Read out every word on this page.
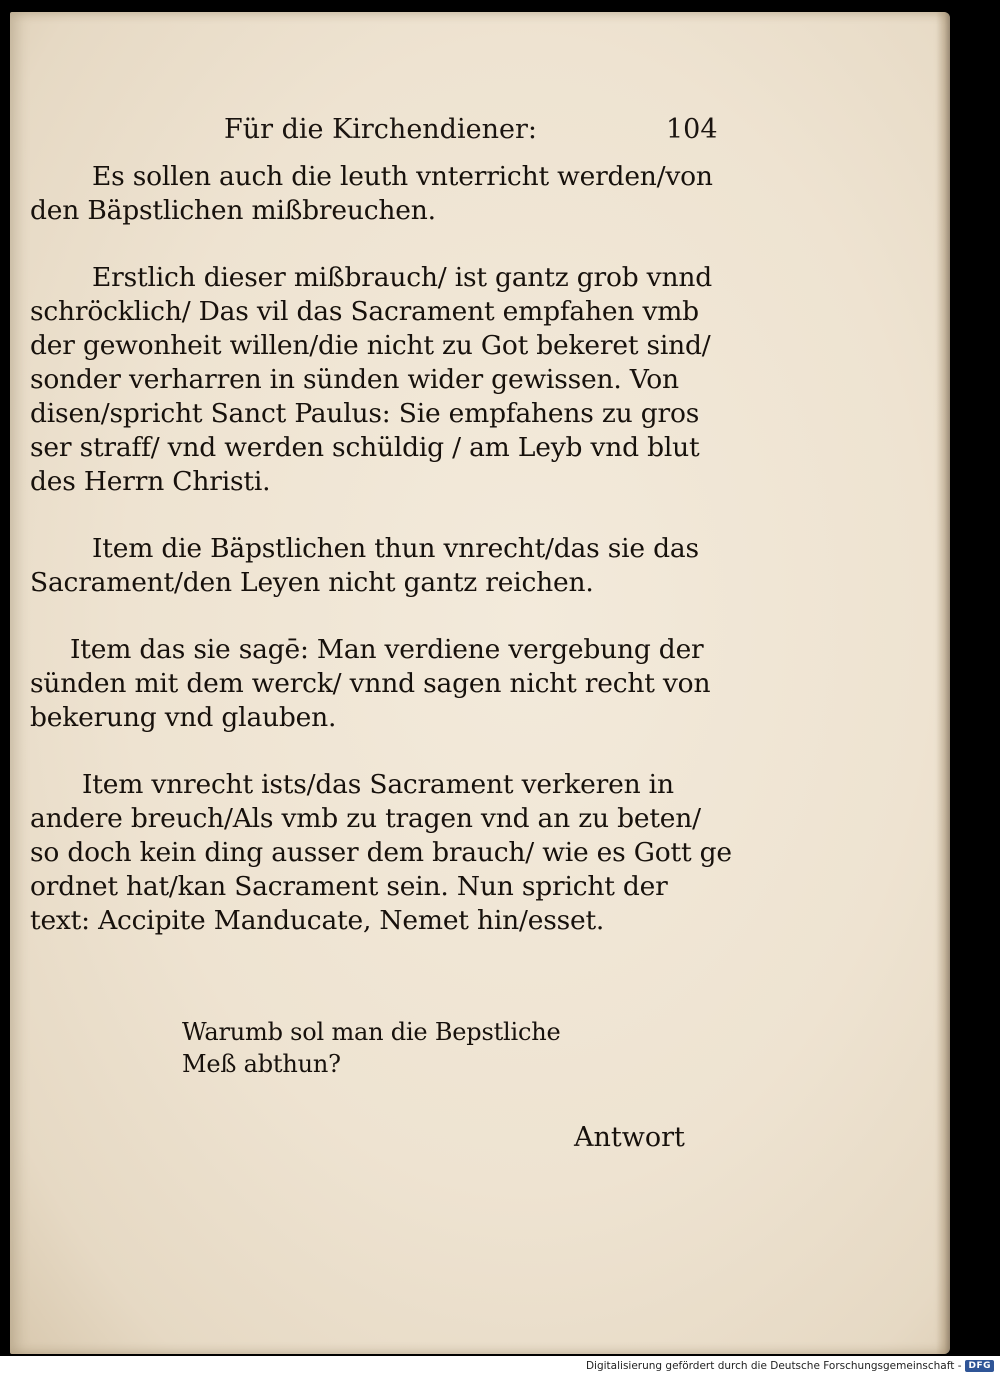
Für die Kirchendiener:	104
Es sollen auch die leuth vnterricht werden/von
den Bäpstlichen mißbreuchen.
Erstlich dieser mißbrauch/ ist gantz grob vnnd
schröcklich/ Das vil das Sacrament empfahen vmb
der gewonheit willen/die nicht zu Got bekeret sind/
sonder verharren in sünden wider gewissen. Von
disen/spricht Sanct Paulus: Sie empfahens zu gros
ser straff/ vnd werden schüldig / am Leyb vnd blut
des Herrn Christi.
Item die Bäpstlichen thun vnrecht/das sie das
Sacrament/den Leyen nicht gantz reichen.
Item das sie sagē: Man verdiene vergebung der
sünden mit dem werck/ vnnd sagen nicht recht von
bekerung vnd glauben.
Item vnrecht ists/das Sacrament verkeren in
andere breuch/Als vmb zu tragen vnd an zu beten/
so doch kein ding ausser dem brauch/ wie es Gott ge
ordnet hat/kan Sacrament sein. Nun spricht der
text: Accipite Manducate, Nemet hin/esset.
Warumb sol man die Bepstliche
Meß abthun?
Antwort
Digitalisierung gefördert durch die Deutsche Forschungsgemeinschaft - DFG
